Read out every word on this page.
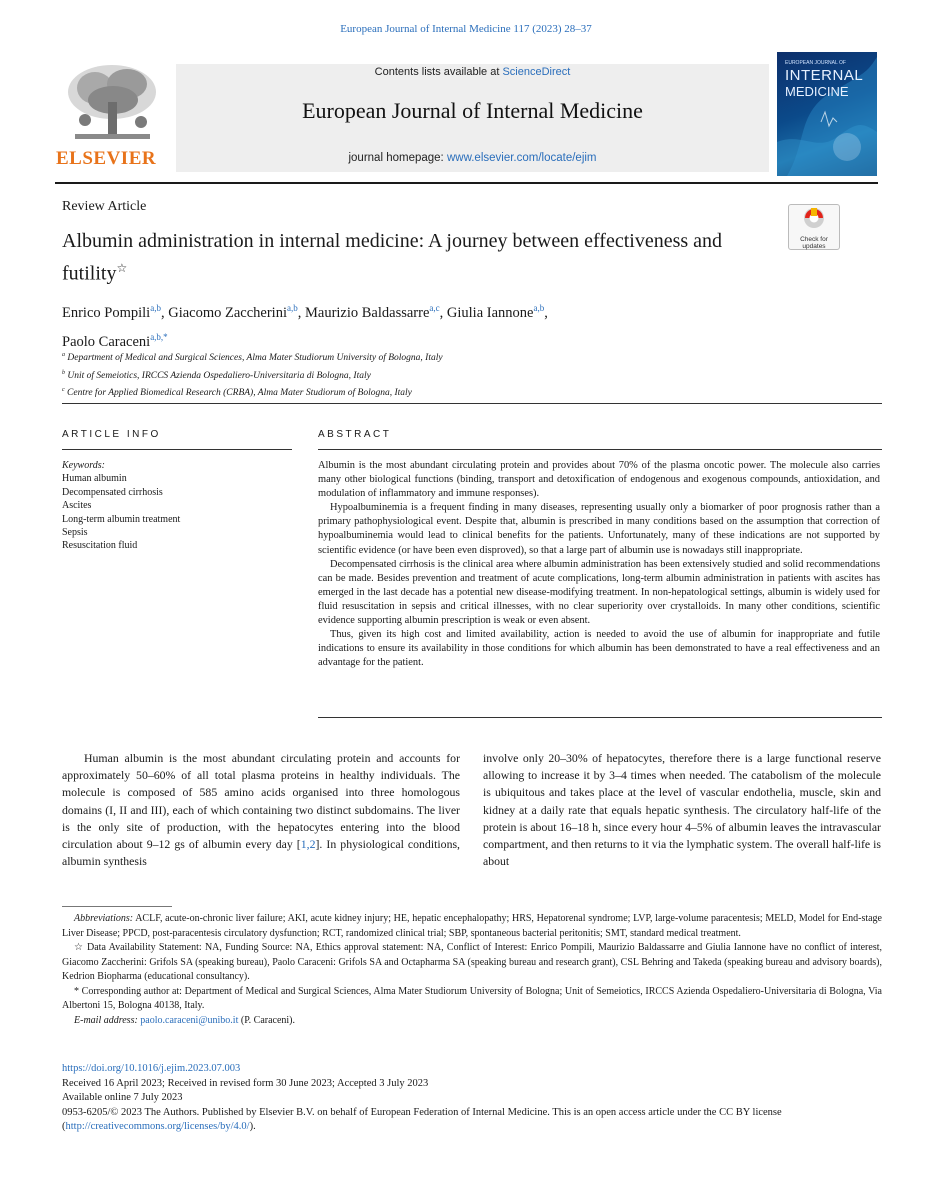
European Journal of Internal Medicine 117 (2023) 28–37
ELSEVIER
Contents lists available at ScienceDirect
European Journal of Internal Medicine
journal homepage: www.elsevier.com/locate/ejim
EUROPEAN JOURNAL OF
INTERNAL
MEDICINE
Review Article
Albumin administration in internal medicine: A journey between effectiveness and futility☆
Check for updates
Enrico Pompili$^{a,b}$, Giacomo Zaccherini$^{a,b}$, Maurizio Baldassarre$^{a,c}$, Giulia Iannone$^{a,b}$,
Paolo Caraceni$^{a,b,*}$
$^a$ Department of Medical and Surgical Sciences, Alma Mater Studiorum University of Bologna, Italy
$^b$ Unit of Semeiotics, IRCCS Azienda Ospedaliero-Universitaria di Bologna, Italy
$^c$ Centre for Applied Biomedical Research (CRBA), Alma Mater Studiorum of Bologna, Italy
ARTICLE INFO	ABSTRACT
Keywords:
Human albumin
Decompensated cirrhosis
Ascites
Long-term albumin treatment
Sepsis
Resuscitation fluid

Albumin is the most abundant circulating protein and provides about 70% of the plasma oncotic power. The molecule also carries many other biological functions (binding, transport and detoxification of endogenous and exogenous compounds, antioxidation, and modulation of inflammatory and immune responses).

Hypoalbuminemia is a frequent finding in many diseases, representing usually only a biomarker of poor prognosis rather than a primary pathophysiological event. Despite that, albumin is prescribed in many conditions based on the assumption that correction of hypoalbuminemia would lead to clinical benefits for the patients. Unfortunately, many of these indications are not supported by scientific evidence (or have been even disproved), so that a large part of albumin use is nowadays still inappropriate.

Decompensated cirrhosis is the clinical area where albumin administration has been extensively studied and solid recommendations can be made. Besides prevention and treatment of acute complications, long-term albumin administration in patients with ascites has emerged in the last decade has a potential new disease-modifying treatment. In non-hepatological settings, albumin is widely used for fluid resuscitation in sepsis and critical illnesses, with no clear superiority over crystalloids. In many other conditions, scientific evidence supporting albumin prescription is weak or even absent.

Thus, given its high cost and limited availability, action is needed to avoid the use of albumin for inappropriate and futile indications to ensure its availability in those conditions for which albumin has been demonstrated to have a real effectiveness and an advantage for the patient.

Human albumin is the most abundant circulating protein and accounts for approximately 50–60% of all total plasma proteins in healthy individuals. The molecule is composed of 585 amino acids organised into three homologous domains (I, II and III), each of which containing two distinct subdomains. The liver is the only site of production, with the hepatocytes entering into the blood circulation about 9–12 gs of albumin every day [1,2]. In physiological conditions, albumin synthesis

involve only 20–30% of hepatocytes, therefore there is a large functional reserve allowing to increase it by 3–4 times when needed. The catabolism of the molecule is ubiquitous and takes place at the level of vascular endothelia, muscle, skin and kidney at a daily rate that equals hepatic synthesis. The circulatory half-life of the protein is about 16–18 h, since every hour 4–5% of albumin leaves the intravascular compartment, and then returns to it via the lymphatic system. The overall half-life is about

Abbreviations: ACLF, acute-on-chronic liver failure; AKI, acute kidney injury; HE, hepatic encephalopathy; HRS, Hepatorenal syndrome; LVP, large-volume paracentesis; MELD, Model for End-stage Liver Disease; PPCD, post-paracentesis circulatory dysfunction; RCT, randomized clinical trial; SBP, spontaneous bacterial peritonitis; SMT, standard medical treatment.

☆ Data Availability Statement: NA, Funding Source: NA, Ethics approval statement: NA, Conflict of Interest: Enrico Pompili, Maurizio Baldassarre and Giulia Iannone have no conflict of interest, Giacomo Zaccherini: Grifols SA (speaking bureau), Paolo Caraceni: Grifols SA and Octapharma SA (speaking bureau and research grant), CSL Behring and Takeda (speaking bureau and advisory boards), Kedrion Biopharma (educational consultancy).

* Corresponding author at: Department of Medical and Surgical Sciences, Alma Mater Studiorum University of Bologna; Unit of Semeiotics, IRCCS Azienda Ospedaliero-Universitaria di Bologna, Via Albertoni 15, Bologna 40138, Italy.

E-mail address: paolo.caraceni@unibo.it (P. Caraceni).

https://doi.org/10.1016/j.ejim.2023.07.003
Received 16 April 2023; Received in revised form 30 June 2023; Accepted 3 July 2023
Available online 7 July 2023
0953-6205/© 2023 The Authors. Published by Elsevier B.V. on behalf of European Federation of Internal Medicine. This is an open access article under the CC BY license (http://creativecommons.org/licenses/by/4.0/).
